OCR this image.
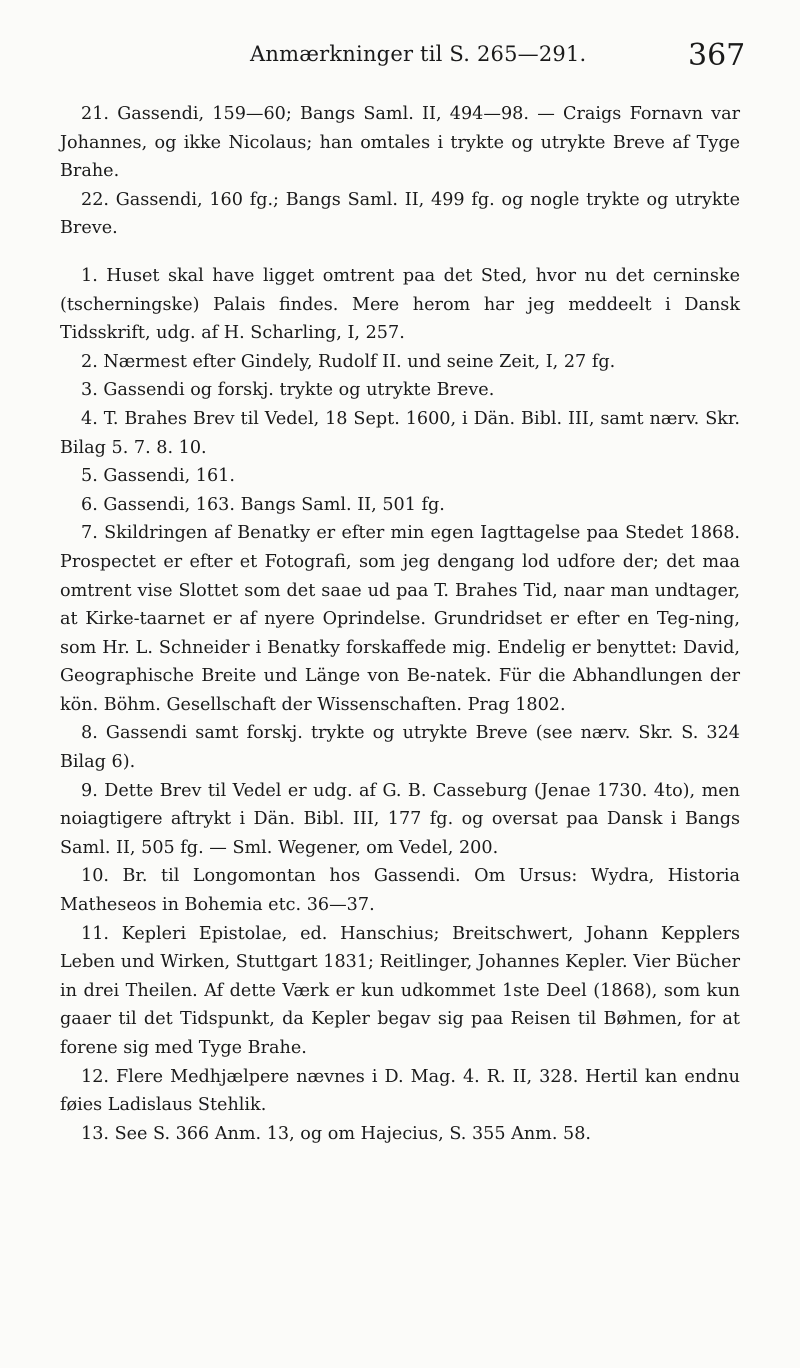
Anmærkninger til S. 265—291.	367

21. Gassendi, 159—60; Bangs Saml. II, 494—98. — Craigs Fornavn var Johannes, og ikke Nicolaus; han omtales i trykte og utrykte Breve af Tyge Brahe.

22. Gassendi, 160 fg.; Bangs Saml. II, 499 fg. og nogle trykte og utrykte Breve.

1. Huset skal have ligget omtrent paa det Sted, hvor nu det cerninske (tscherningske) Palais findes. Mere herom har jeg meddeelt i Dansk Tidsskrift, udg. af H. Scharling, I, 257.

2. Nærmest efter Gindely, Rudolf II. und seine Zeit, I, 27 fg.

3. Gassendi og forskj. trykte og utrykte Breve.

4. T. Brahes Brev til Vedel, 18 Sept. 1600, i Dän. Bibl. III, samt nærv. Skr. Bilag 5. 7. 8. 10.

5. Gassendi, 161.

6. Gassendi, 163. Bangs Saml. II, 501 fg.

7. Skildringen af Benatky er efter min egen Iagttagelse paa Stedet 1868. Prospectet er efter et Fotografi, som jeg dengang lod udfore der; det maa omtrent vise Slottet som det saae ud paa T. Brahes Tid, naar man undtager, at Kirke-taarnet er af nyere Oprindelse. Grundridset er efter en Teg-ning, som Hr. L. Schneider i Benatky forskaffede mig. Endelig er benyttet: David, Geographische Breite und Länge von Be-natek. Für die Abhandlungen der kön. Böhm. Gesellschaft der Wissenschaften. Prag 1802.

8. Gassendi samt forskj. trykte og utrykte Breve (see nærv. Skr. S. 324 Bilag 6).

9. Dette Brev til Vedel er udg. af G. B. Casseburg (Jenae 1730. 4to), men noiagtigere aftrykt i Dän. Bibl. III, 177 fg. og oversat paa Dansk i Bangs Saml. II, 505 fg. — Sml. Wegener, om Vedel, 200.

10. Br. til Longomontan hos Gassendi. Om Ursus: Wydra, Historia Matheseos in Bohemia etc. 36—37.

11. Kepleri Epistolae, ed. Hanschius; Breitschwert, Johann Kepplers Leben und Wirken, Stuttgart 1831; Reitlinger, Johannes Kepler. Vier Bücher in drei Theilen. Af dette Værk er kun udkommet 1ste Deel (1868), som kun gaaer til det Tidspunkt, da Kepler begav sig paa Reisen til Bøhmen, for at forene sig med Tyge Brahe.

12. Flere Medhjælpere nævnes i D. Mag. 4. R. II, 328. Hertil kan endnu føies Ladislaus Stehlik.

13. See S. 366 Anm. 13, og om Hajecius, S. 355 Anm. 58.
